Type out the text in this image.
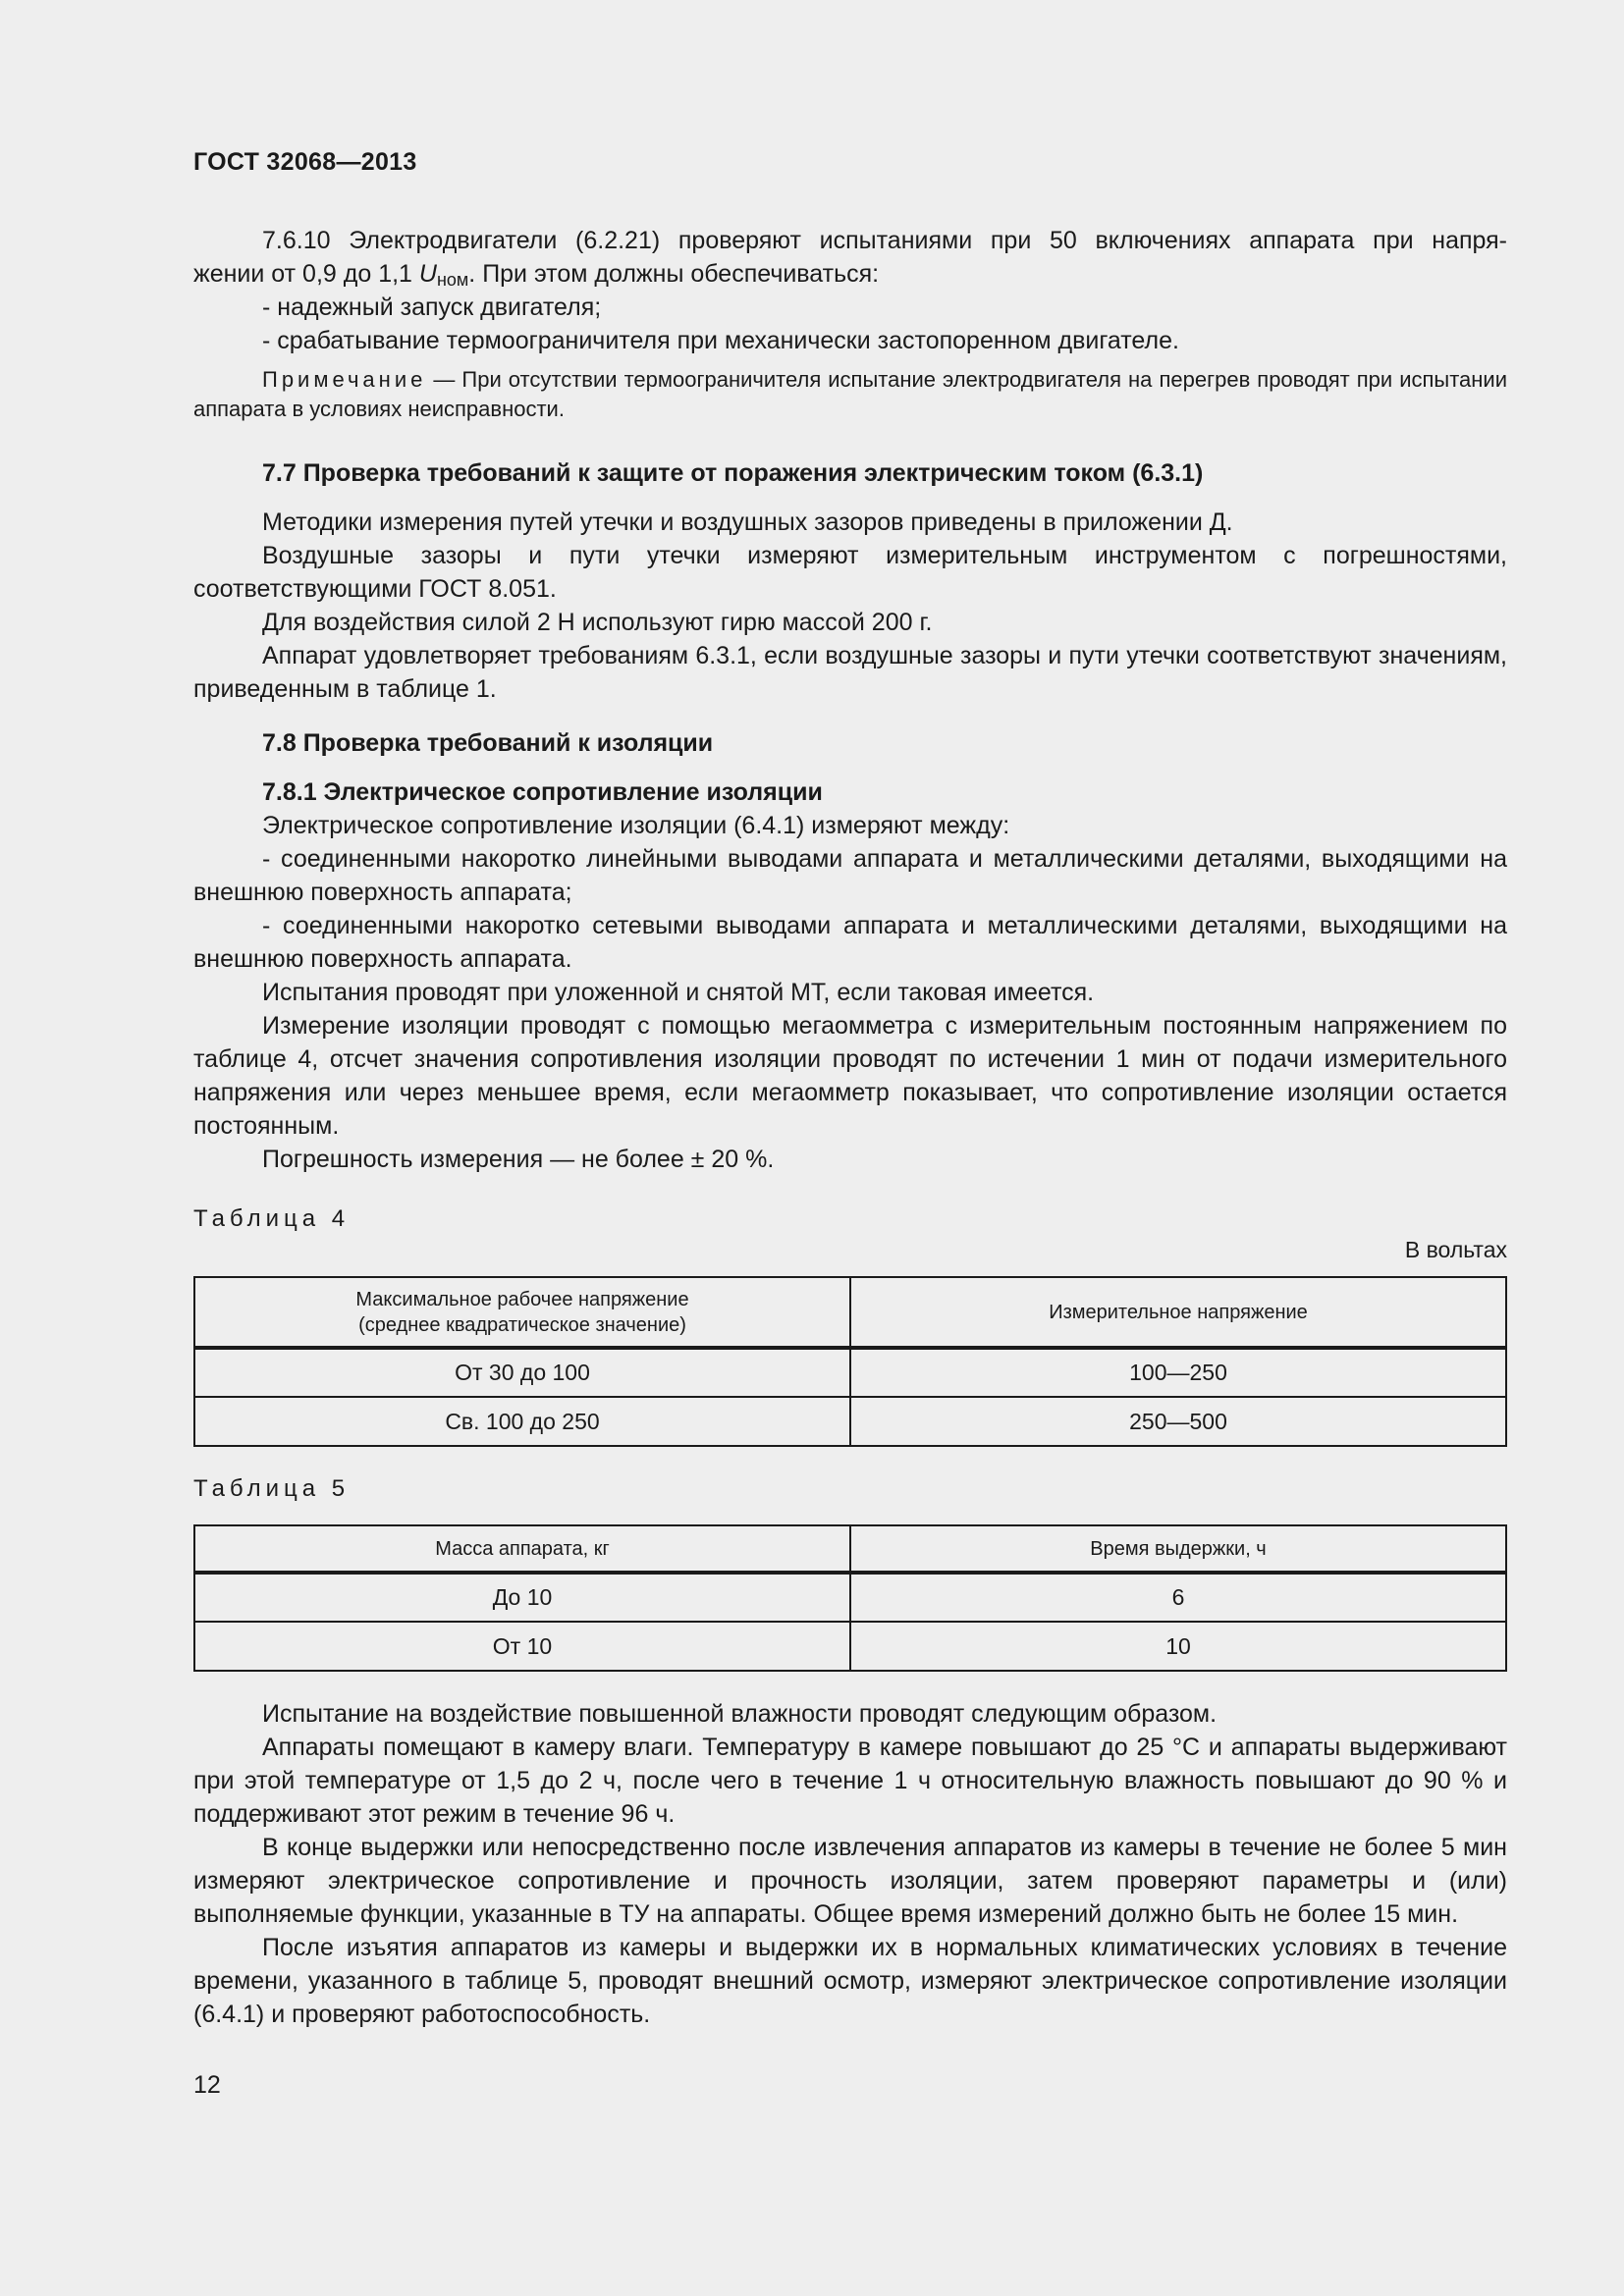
ГОСТ 32068—2013

7.6.10 Электродвигатели (6.2.21) проверяют испытаниями при 50 включениях аппарата при напря-

жении от 0,9 до 1,1 $U_{ном}$. При этом должны обеспечиваться:

- надежный запуск двигателя;

- срабатывание термоограничителя при механически застопоренном двигателе.

Примечание — При отсутствии термоограничителя испытание электродвигателя на перегрев проводят при испытании аппарата в условиях неисправности.

7.7 Проверка требований к защите от поражения электрическим током (6.3.1)

Методики измерения путей утечки и воздушных зазоров приведены в приложении Д.

Воздушные зазоры и пути утечки измеряют измерительным инструментом с погрешностями, соответствующими ГОСТ 8.051.

Для воздействия силой 2 Н используют гирю массой 200 г.

Аппарат удовлетворяет требованиям 6.3.1, если воздушные зазоры и пути утечки соответствуют значениям, приведенным в таблице 1.

7.8 Проверка требований к изоляции

7.8.1 Электрическое сопротивление изоляции

Электрическое сопротивление изоляции (6.4.1) измеряют между:

- соединенными накоротко линейными выводами аппарата и металлическими деталями, выходящими на внешнюю поверхность аппарата;

- соединенными накоротко сетевыми выводами аппарата и металлическими деталями, выходящими на внешнюю поверхность аппарата.

Испытания проводят при уложенной и снятой МТ, если таковая имеется.

Измерение изоляции проводят с помощью мегаомметра с измерительным постоянным напряжением по таблице 4, отсчет значения сопротивления изоляции проводят по истечении 1 мин от подачи измерительного напряжения или через меньшее время, если мегаомметр показывает, что сопротивление изоляции остается постоянным.

Погрешность измерения — не более ± 20 %.

Таблица 4
В вольтах
Максимальное рабочее напряжение
(среднее квадратическое значение)	Измерительное напряжение
От 30 до 100	100—250
Св. 100 до 250	250—500
Таблица 5
Масса аппарата, кг	Время выдержки, ч
До 10	6
От 10	10

Испытание на воздействие повышенной влажности проводят следующим образом.

Аппараты помещают в камеру влаги. Температуру в камере повышают до 25 °C и аппараты выдерживают при этой температуре от 1,5 до 2 ч, после чего в течение 1 ч относительную влажность повышают до 90 % и поддерживают этот режим в течение 96 ч.

В конце выдержки или непосредственно после извлечения аппаратов из камеры в течение не более 5 мин измеряют электрическое сопротивление и прочность изоляции, затем проверяют параметры и (или) выполняемые функции, указанные в ТУ на аппараты. Общее время измерений должно быть не более 15 мин.

После изъятия аппаратов из камеры и выдержки их в нормальных климатических условиях в течение времени, указанного в таблице 5, проводят внешний осмотр, измеряют электрическое сопротивление изоляции (6.4.1) и проверяют работоспособность.

12
